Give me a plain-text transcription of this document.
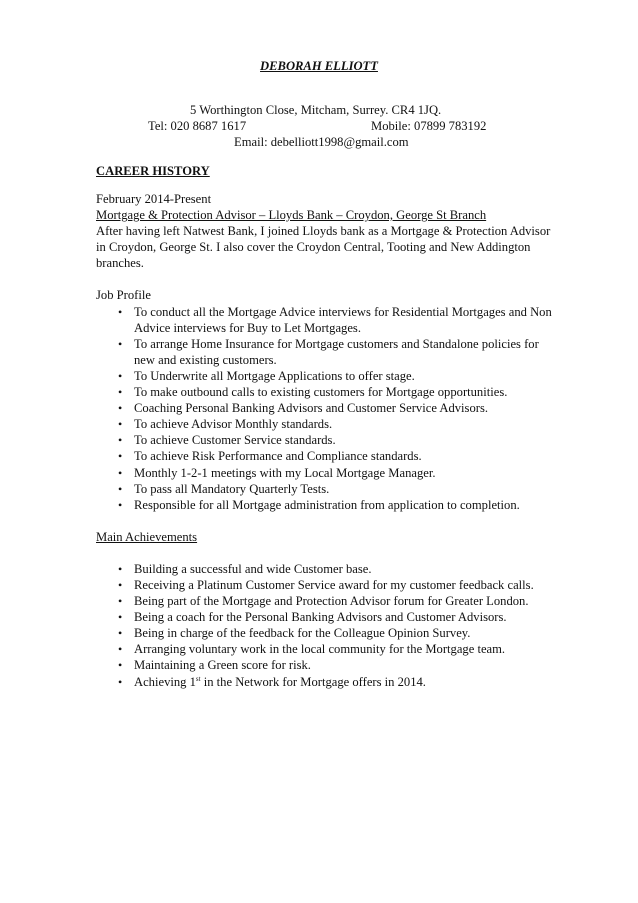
DEBORAH ELLIOTT
5 Worthington Close, Mitcham, Surrey. CR4 1JQ.
Tel: 020 8687 1617	Mobile: 07899 783192
Email: debelliott1998@gmail.com
CAREER HISTORY

February 2014-Present

Mortgage & Protection Advisor – Lloyds Bank – Croydon, George St Branch

After having left Natwest Bank, I joined Lloyds bank as a Mortgage & Protection Advisor in Croydon, George St. I also cover the Croydon Central, Tooting and New Addington branches.

Job Profile

• To conduct all the Mortgage Advice interviews for Residential Mortgages and Non Advice interviews for Buy to Let Mortgages.
• To arrange Home Insurance for Mortgage customers and Standalone policies for new and existing customers.
• To Underwrite all Mortgage Applications to offer stage.
• To make outbound calls to existing customers for Mortgage opportunities.
• Coaching Personal Banking Advisors and Customer Service Advisors.
• To achieve Advisor Monthly standards.
• To achieve Customer Service standards.
• To achieve Risk Performance and Compliance standards.
• Monthly 1-2-1 meetings with my Local Mortgage Manager.
• To pass all Mandatory Quarterly Tests.
• Responsible for all Mortgage administration from application to completion.

Main Achievements

• Building a successful and wide Customer base.
• Receiving a Platinum Customer Service award for my customer feedback calls.
• Being part of the Mortgage and Protection Advisor forum for Greater London.
• Being a coach for the Personal Banking Advisors and Customer Advisors.
• Being in charge of the feedback for the Colleague Opinion Survey.
• Arranging voluntary work in the local community for the Mortgage team.
• Maintaining a Green score for risk.
• Achieving 1st in the Network for Mortgage offers in 2014.
